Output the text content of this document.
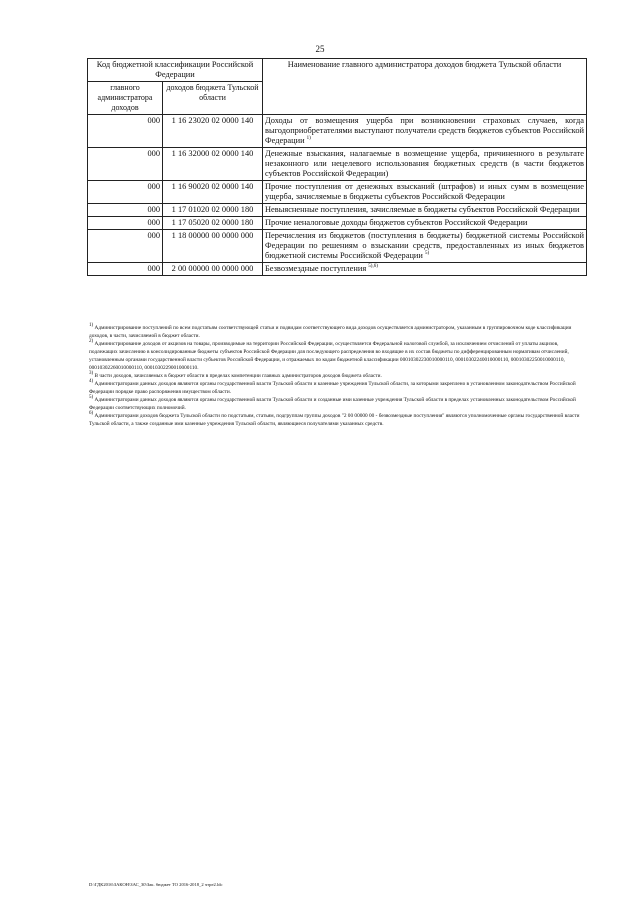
25
Код бюджетной классификации Российской Федерации		Наименование главного администратора доходов бюджета Тульской области
главного администратора доходов	доходов бюджета Тульской области	
000	1 16 23020 02 0000 140	Доходы от возмещения ущерба при возникновении страховых случаев, когда выгодоприобретателями выступают получатели средств бюджетов субъектов Российской Федерации $^{1)}$
000	1 16 32000 02 0000 140	Денежные взыскания, налагаемые в возмещение ущерба, причиненного в результате незаконного или нецелевого использования бюджетных средств (в части бюджетов субъектов Российской Федерации)
000	1 16 90020 02 0000 140	Прочие поступления от денежных взысканий (штрафов) и иных сумм в возмещение ущерба, зачисляемые в бюджеты субъектов Российской Федерации
000	1 17 01020 02 0000 180	Невыясненные поступления, зачисляемые в бюджеты субъектов Российской Федерации
000	1 17 05020 02 0000 180	Прочие неналоговые доходы бюджетов субъектов Российской Федерации
000	1 18 00000 00 0000 000	Перечисления из бюджетов (поступления в бюджеты) бюджетной системы Российской Федерации по решениям о взыскании средств, предоставленных из иных бюджетов бюджетной системы Российской Федерации $^{5)}$
000	2 00 00000 00 0000 000	Безвозмездные поступления $^{5),6)}$

$^{1)}$ Администрирование поступлений по всем подстатьям соответствующей статьи и подвидам соответствующего вида доходов осуществляется администратором, указанным в группировочном коде классификации доходов, в части, зачисляемой в бюджет области.

$^{2)}$ Администрирование доходов от акцизов на товары, производимые на территории Российской Федерации, осуществляется Федеральной налоговой службой, за исключением отчислений от уплаты акцизов, подлежащих зачислению в консолидированные бюджеты субъектов Российской Федерации для последующего распределения во входящие в их состав бюджеты по дифференцированным нормативам отчислений, установленным органами государственной власти субъектов Российской Федерации, и отражаемых по кодам бюджетной классификации 00010302230010000110, 00010302240010000110, 00010302250010000110, 00010302260010000110, 00010302290010000110.

$^{3)}$ В части доходов, зачисляемых в бюджет области в пределах компетенции главных администраторов доходов бюджета области.

$^{4)}$ Администраторами данных доходов являются органы государственной власти Тульской области и казенные учреждения Тульской области, за которыми закреплено в установленном законодательством Российской Федерации порядке право распоряжения имуществом области.

$^{5)}$ Администраторами данных доходов являются органы государственной власти Тульской области и созданные ими казенные учреждения Тульской области в пределах установленных законодательством Российской Федерации соответствующих полномочий.

$^{6)}$ Администраторами доходов бюджета Тульской области по подстатьям, статьям, подгруппам группы доходов "2 00 00000 00 - безвозмездные поступления" являются уполномоченные органы государственной власти Тульской области, а также созданные ими казенные учреждения Тульской области, являющиеся получателями указанных средств.

D:\ГДК2016\ЗАКОН\ЗАС_30\Зак. бюджет ТО 2016-2018_2 чтре2.ldc
